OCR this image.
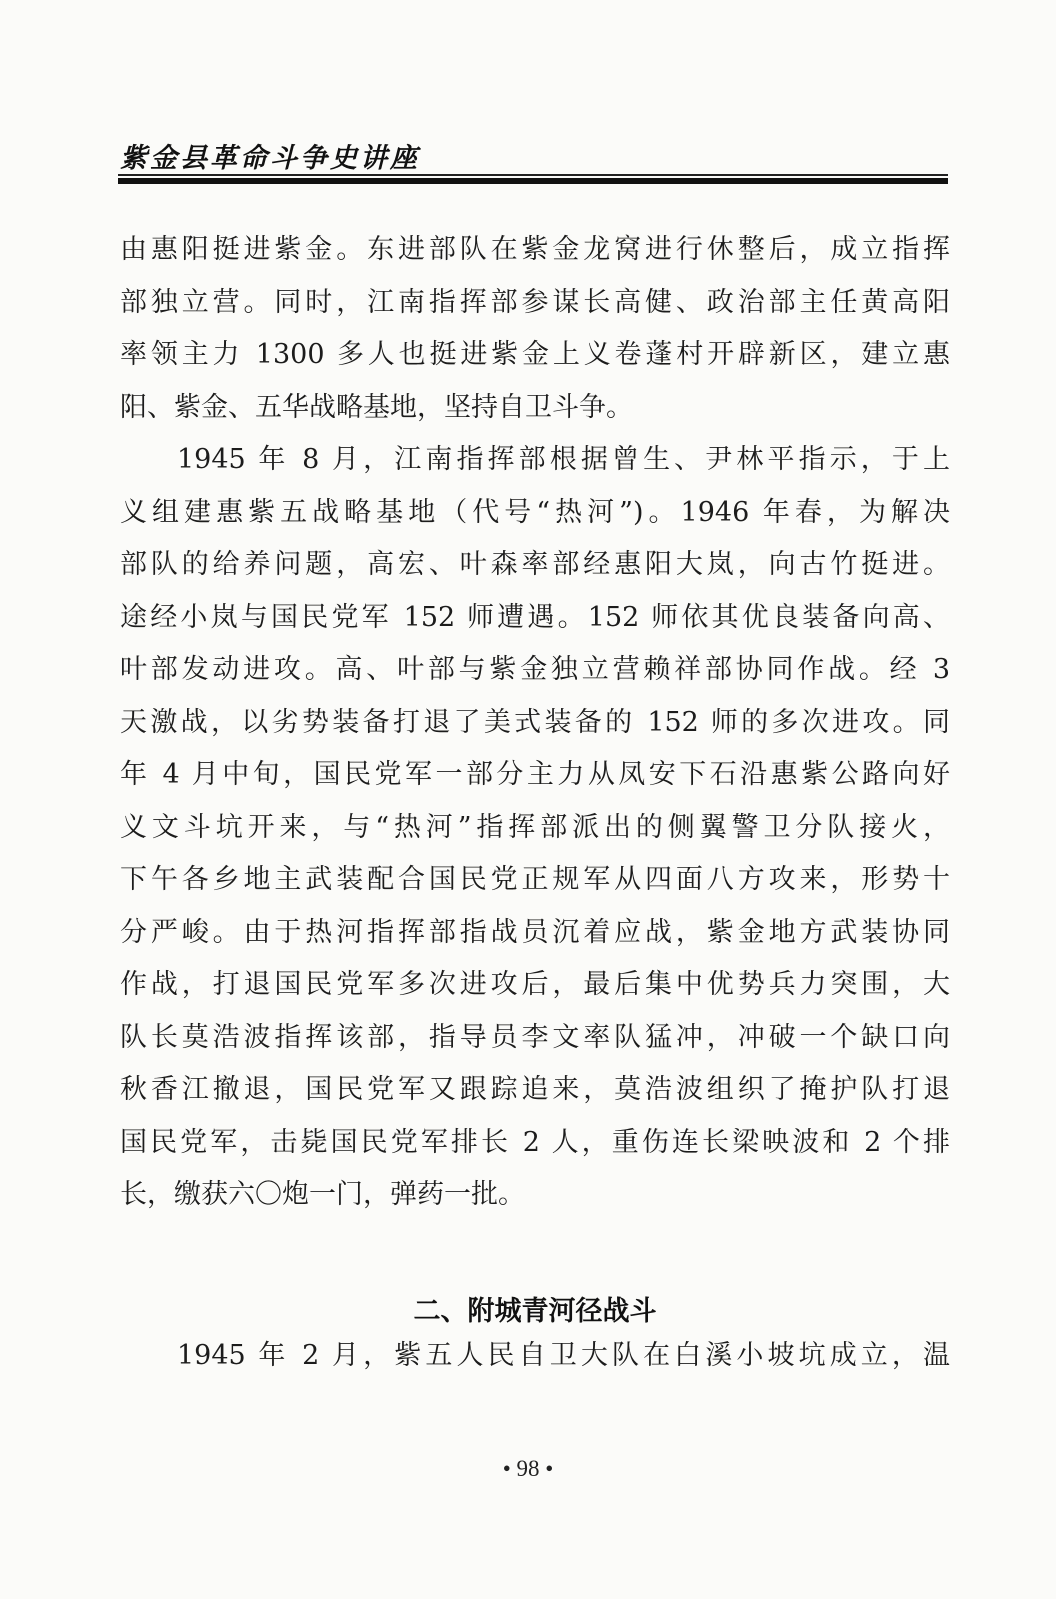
紫金县革命斗争史讲座
由惠阳挺进紫金。东进部队在紫金龙窝进行休整后，成立指挥
部独立营。同时，江南指挥部参谋长高健、政治部主任黄高阳
率领主力 1300 多人也挺进紫金上义卷蓬村开辟新区，建立惠
阳、紫金、五华战略基地，坚持自卫斗争。
1945 年 8 月，江南指挥部根据曾生、尹林平指示，于上
义组建惠紫五战略基地（代号“热河”)。1946 年春，为解决
部队的给养问题，高宏、叶森率部经惠阳大岚，向古竹挺进。
途经小岚与国民党军 152 师遭遇。152 师依其优良装备向高、
叶部发动进攻。高、叶部与紫金独立营赖祥部协同作战。经 3
天激战，以劣势装备打退了美式装备的 152 师的多次进攻。同
年 4 月中旬，国民党军一部分主力从凤安下石沿惠紫公路向好
义文斗坑开来，与“热河”指挥部派出的侧翼警卫分队接火，
下午各乡地主武装配合国民党正规军从四面八方攻来，形势十
分严峻。由于热河指挥部指战员沉着应战，紫金地方武装协同
作战，打退国民党军多次进攻后，最后集中优势兵力突围，大
队长莫浩波指挥该部，指导员李文率队猛冲，冲破一个缺口向
秋香江撤退，国民党军又跟踪追来，莫浩波组织了掩护队打退
国民党军，击毙国民党军排长 2 人，重伤连长梁映波和 2 个排
长，缴获六〇炮一门，弹药一批。
二、附城青河径战斗
1945 年 2 月，紫五人民自卫大队在白溪小坡坑成立，温
• 98 •
